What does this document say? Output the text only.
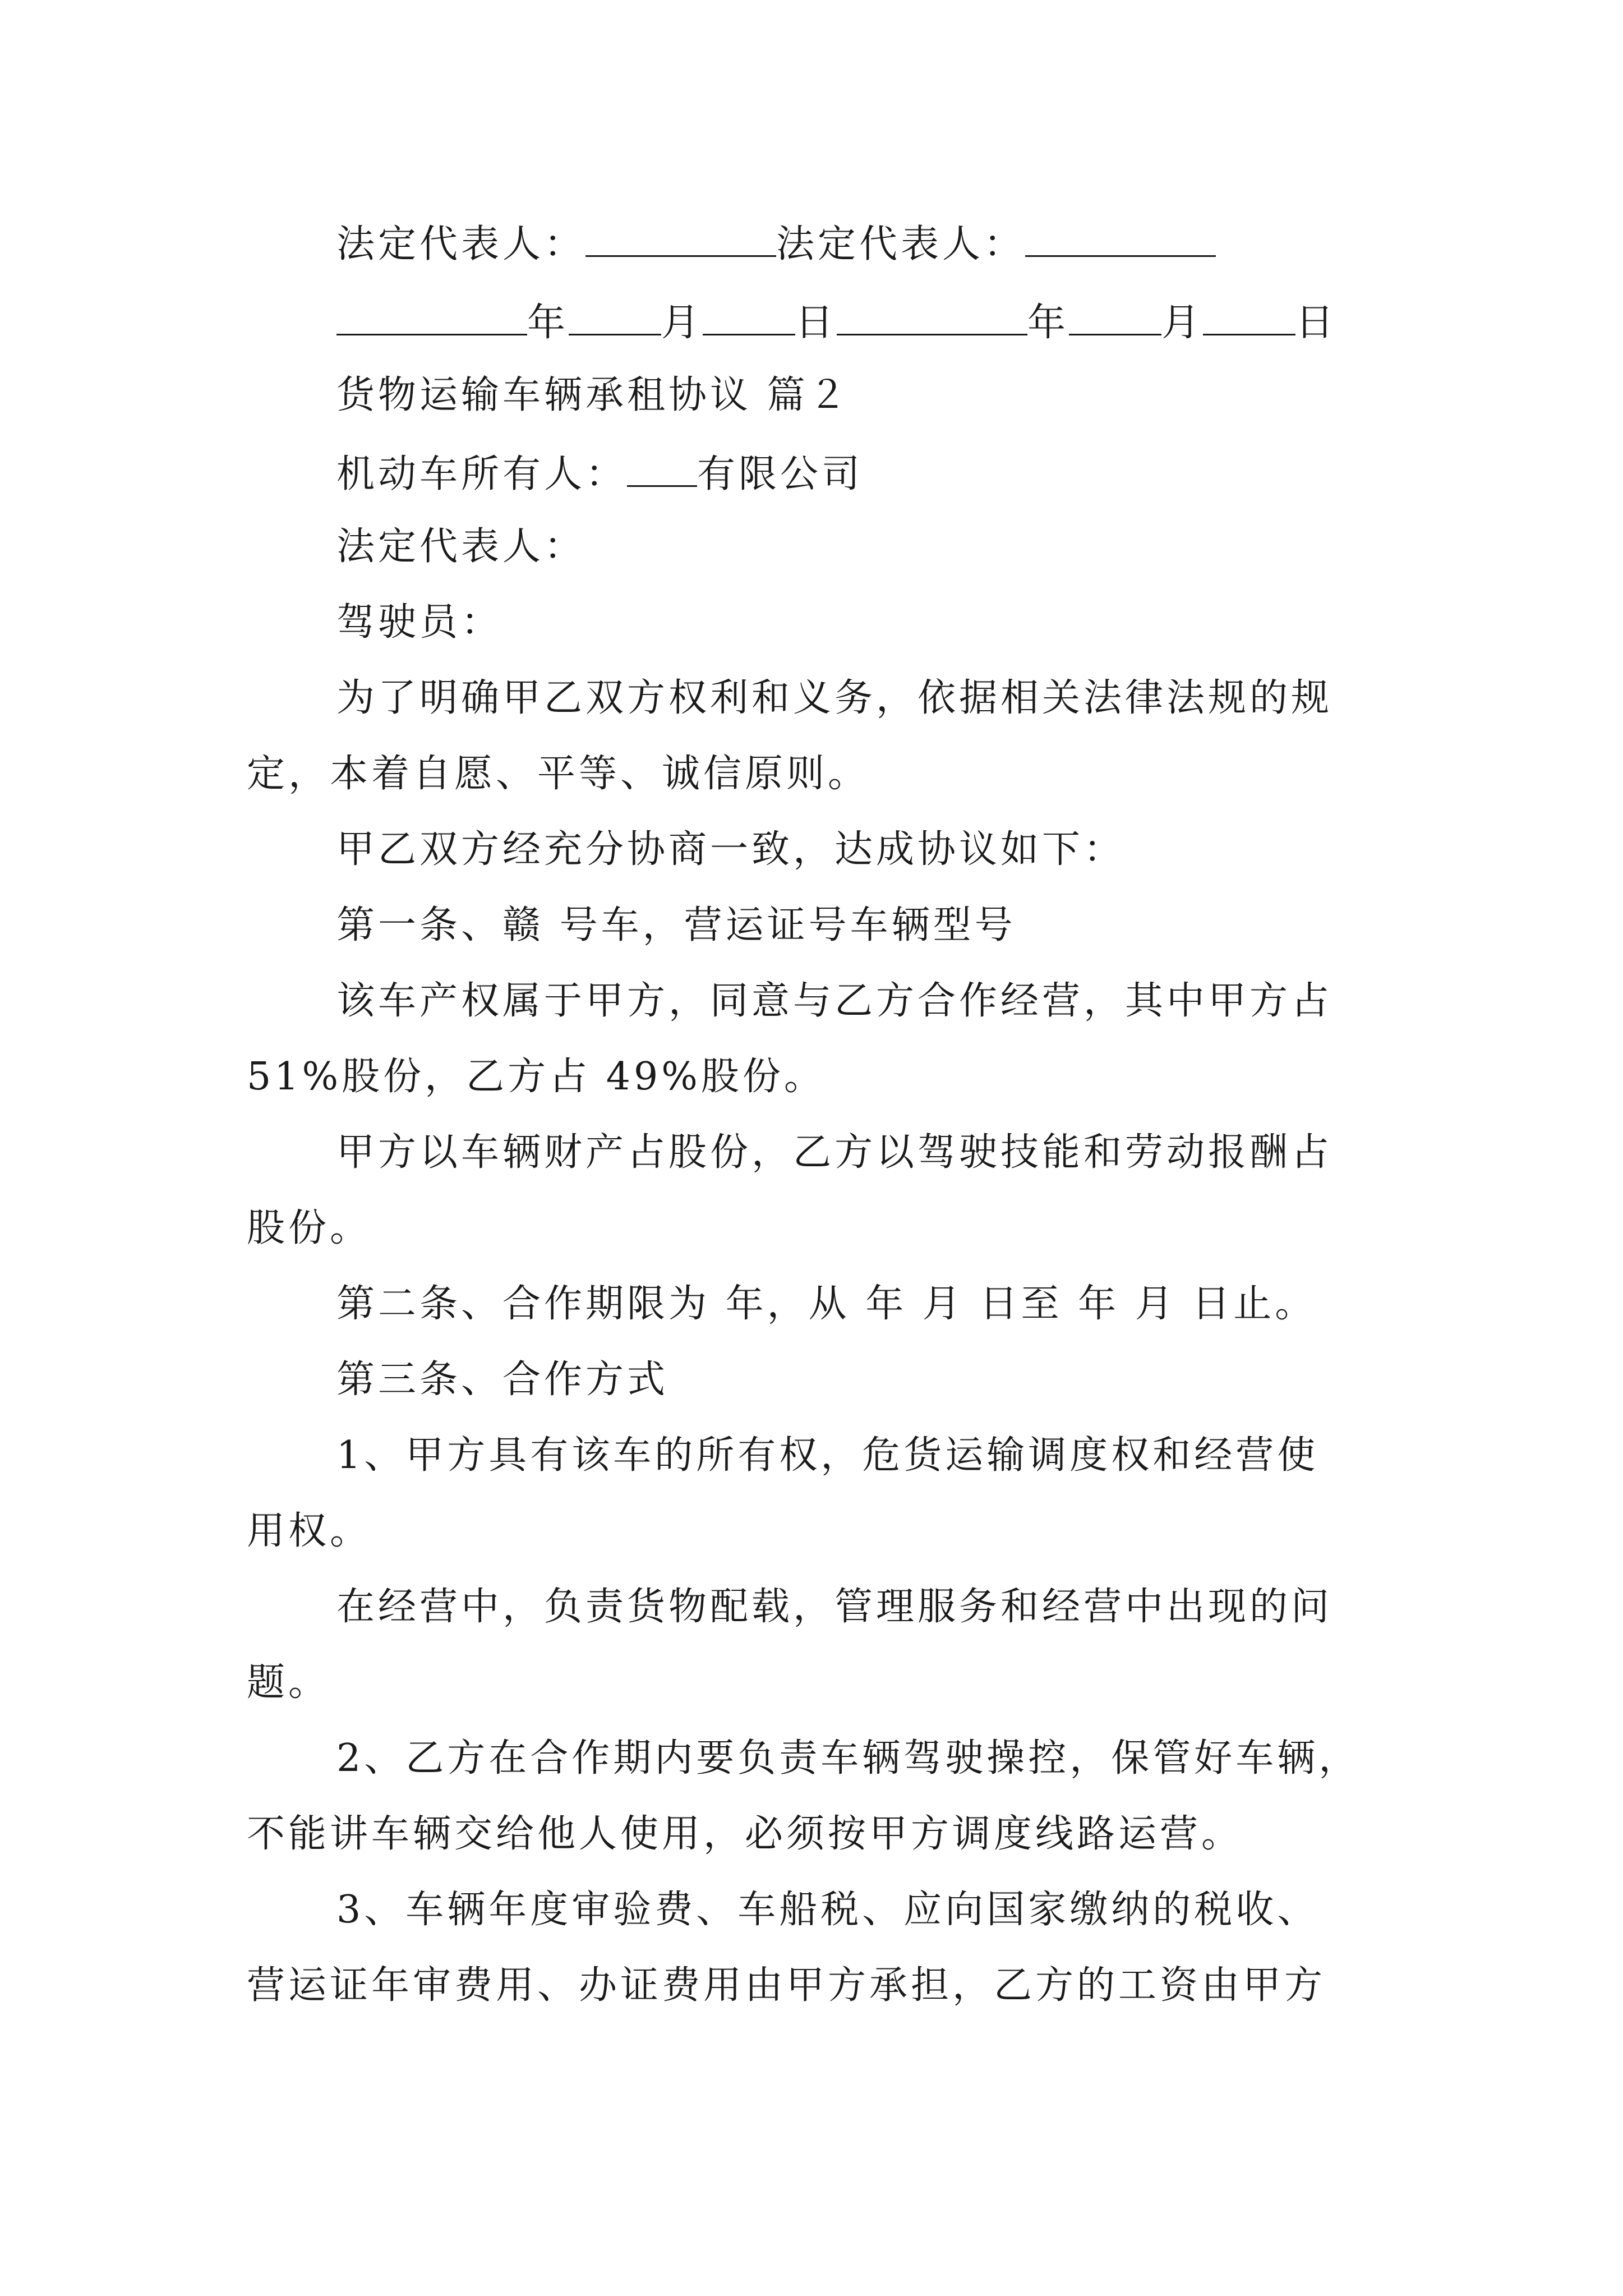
法定代表人：	法定代表人：
年 月 日	年 月 日
货物运输车辆承租协议 篇２
机动车所有人： 有限公司
法定代表人：
驾驶员：
为了明确甲乙双方权利和义务，依据相关法律法规的规
定，本着自愿、平等、诚信原则。
甲乙双方经充分协商一致，达成协议如下：
第一条、赣 号车，营运证号车辆型号
该车产权属于甲方，同意与乙方合作经营，其中甲方占
51%股份，乙方占 49%股份。
甲方以车辆财产占股份，乙方以驾驶技能和劳动报酬占
股份。
第二条、合作期限为 年，从 年 月 日至 年 月 日止。
第三条、合作方式
1、甲方具有该车的所有权，危货运输调度权和经营使
用权。
在经营中，负责货物配载，管理服务和经营中出现的问
题。
2、乙方在合作期内要负责车辆驾驶操控，保管好车辆，
不能讲车辆交给他人使用，必须按甲方调度线路运营。
3、车辆年度审验费、车船税、应向国家缴纳的税收、
营运证年审费用、办证费用由甲方承担，乙方的工资由甲方
